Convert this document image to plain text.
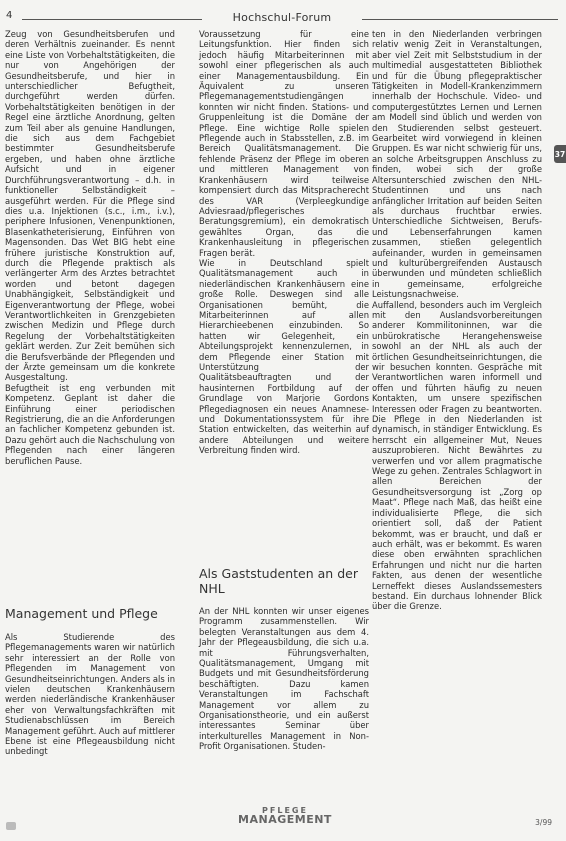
4	Hochschul-Forum

Zeug von Gesundheitsberufen und deren Verhältnis zueinander. Es nennt eine Liste von Vorbehaltstätigkeiten, die nur von Angehörigen der Gesundheitsberufe, und hier in unterschiedlicher Befugtheit, durchgeführt werden dürfen. Vorbehaltstätigkeiten benötigen in der Regel eine ärztliche Anordnung, gelten zum Teil aber als genuine Handlungen, die sich aus dem Fachgebiet bestimmter Gesundheitsberufe ergeben, und haben ohne ärztliche Aufsicht und in eigener Durchführungsverantwortung – d.h. in funktioneller Selbständigkeit – ausgeführt werden. Für die Pflege sind dies u.a. Injektionen (s.c., i.m., i.v.), periphere Infusionen, Venenpunktionen, Blasenkatheterisierung, Einführen von Magensonden. Das Wet BIG hebt eine frühere juristische Konstruktion auf, durch die Pflegende praktisch als verlängerter Arm des Arztes betrachtet worden und betont dagegen Unabhängigkeit, Selbständigkeit und Eigenverantwortung der Pflege, wobei Verantwortlichkeiten in Grenzgebieten zwischen Medizin und Pflege durch Regelung der Vorbehaltstätigkeiten geklärt werden. Zur Zeit bemühen sich die Berufsverbände der Pflegenden und der Ärzte gemeinsam um die konkrete Ausgestaltung.

Befugtheit ist eng verbunden mit Kompetenz. Geplant ist daher die Einführung einer periodischen Registrierung, die an die Anforderungen an fachlicher Kompetenz gebunden ist. Dazu gehört auch die Nachschulung von Pflegenden nach einer längeren beruflichen Pause.

Management und Pflege
Als Studierende des Pflegemanagements waren wir natürlich sehr interessiert an der Rolle von Pflegenden im Management von Gesundheitseinrichtungen. Anders als in vielen deutschen Krankenhäusern werden niederländische Krankenhäuser eher von Verwaltungsfachkräften mit Studienabschlüssen im Bereich Management geführt. Auch auf mittlerer Ebene ist eine Pflegeausbildung nicht unbedingt

Voraussetzung für eine Leitungsfunktion. Hier finden sich jedoch häufig Mitarbeiterinnen mit sowohl einer pflegerischen als auch einer Managementausbildung. Ein Äquivalent zu unseren Pflegemanagementstudiengängen konnten wir nicht finden. Stations- und Gruppenleitung ist die Domäne der Pflege. Eine wichtige Rolle spielen Pflegende auch in Stabsstellen, z.B. im Bereich Qualitätsmanagement. Die fehlende Präsenz der Pflege im oberen und mittleren Management von Krankenhäusern wird teilweise kompensiert durch das Mitspracherecht des VAR (Verpleegkundige Adviesraad/pflegerisches Beratungsgremium), ein demokratisch gewähltes Organ, das die Krankenhausleitung in pflegerischen Fragen berät.

Wie in Deutschland spielt Qualitätsmanagement auch in niederländischen Krankenhäusern eine große Rolle. Deswegen sind alle Organisationen bemüht, die Mitarbeiterinnen auf allen Hierarchieebenen einzubinden. So hatten wir Gelegenheit, ein Abteilungsprojekt kennenzulernen, in dem Pflegende einer Station mit Unterstützung der Qualitätsbeauftragten und der hausinternen Fortbildung auf der Grundlage von Marjorie Gordons Pflegediagnosen ein neues Anamnese- und Dokumentationssystem für ihre Station entwickelten, das weiterhin auf andere Abteilungen und weitere Verbreitung finden wird.

Als Gaststudenten an der NHL
An der NHL konnten wir unser eigenes Programm zusammenstellen. Wir belegten Veranstaltungen aus dem 4. Jahr der Pflegeausbildung, die sich u.a. mit Führungsverhalten, Qualitätsmanagement, Umgang mit Budgets und mit Gesundheitsförderung beschäftigten. Dazu kamen Veranstaltungen im Fachschaft Management vor allem zu Organisationstheorie, und ein außerst interessantes Seminar über interkulturelles Management in Non-Profit Organisationen. Studen-

ten in den Niederlanden verbringen relativ wenig Zeit in Veranstaltungen, aber viel Zeit mit Selbststudium in der multimedial ausgestatteten Bibliothek und für die Übung pflegepraktischer Tätigkeiten in Modell-Krankenzimmern innerhalb der Hochschule. Video- und computergestütztes Lernen und Lernen am Modell sind üblich und werden von den Studierenden selbst gesteuert. Gearbeitet wird vorwiegend in kleinen Gruppen. Es war nicht schwierig für uns, an solche Arbeitsgruppen Anschluss zu finden, wobei sich der große Altersunterschied zwischen den NHL-Studentinnen und uns nach anfänglicher Irritation auf beiden Seiten als durchaus fruchtbar erwies. Unterschiedliche Sichtweisen, Berufs- und Lebenserfahrungen kamen zusammen, stießen gelegentlich aufeinander, wurden in gemeinsamen und kulturübergreifenden Austausch überwunden und mündeten schließlich in gemeinsame, erfolgreiche Leistungsnachweise.

Auffallend, besonders auch im Vergleich mit den Auslandsvorbereitungen anderer Kommilitoninnen, war die unbürokratische Herangehensweise sowohl an der NHL als auch der örtlichen Gesundheitseinrichtungen, die wir besuchen konnten. Gespräche mit Verantwortlichen waren informell und offen und führten häufig zu neuen Kontakten, um unsere spezifischen Interessen oder Fragen zu beantworten. Die Pflege in den Niederlanden ist dynamisch, in ständiger Entwicklung. Es herrscht ein allgemeiner Mut, Neues auszuprobieren. Nicht Bewährtes zu verwerfen und vor allem pragmatische Wege zu gehen. Zentrales Schlagwort in allen Bereichen der Gesundheitsversorgung ist „Zorg op Maat“. Pflege nach Maß, das heißt eine individualisierte Pflege, die sich orientiert soll, daß der Patient bekommt, was er braucht, und daß er auch erhält, was er bekommt. Es waren diese oben erwähnten sprachlichen Erfahrungen und nicht nur die harten Fakten, aus denen der wesentliche Lerneffekt dieses Auslandssemesters bestand. Ein durchaus lohnender Blick über die Grenze.

37
PFLEGE
MANAGEMENT	3/99
